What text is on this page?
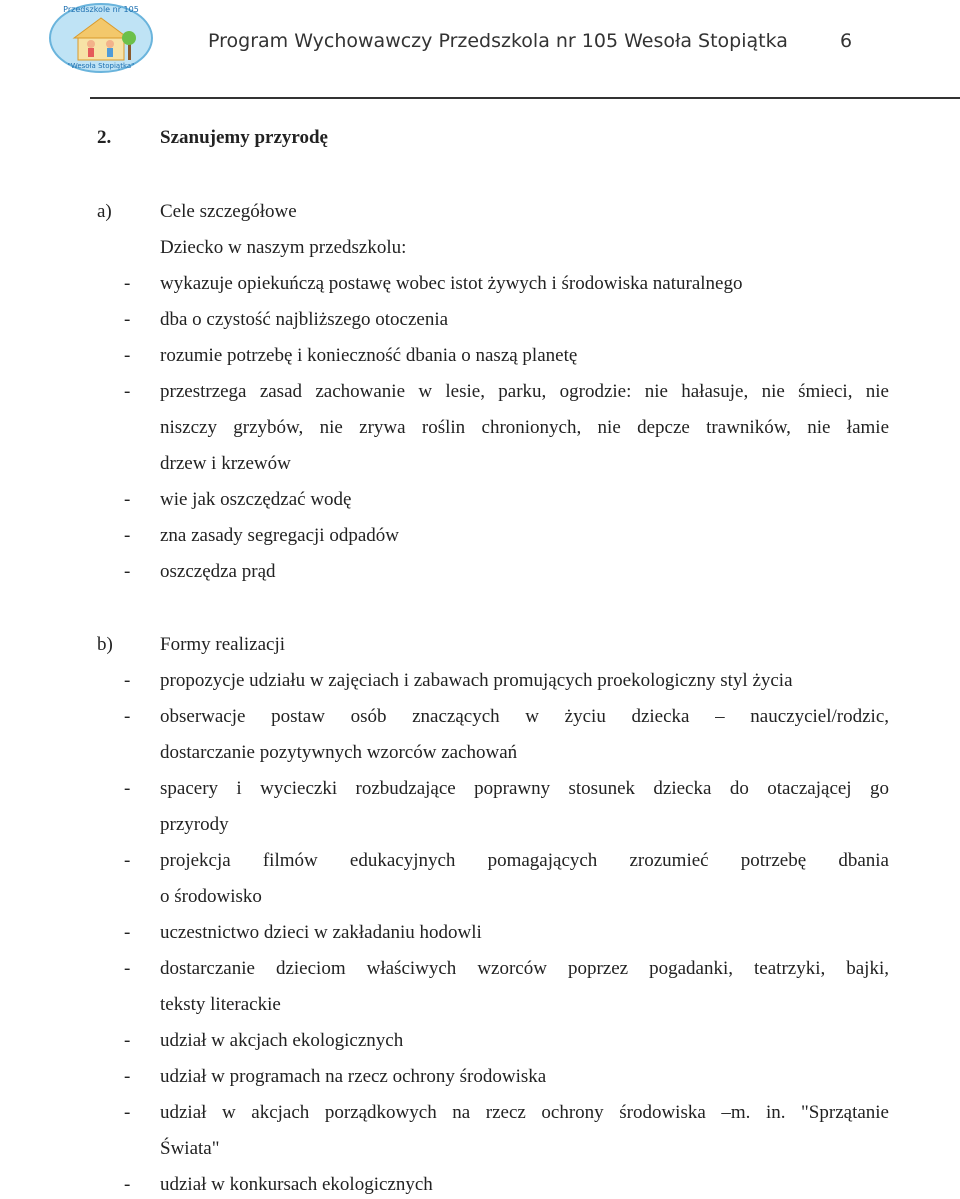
Przedszkole nr 105
"Wesoła Stopiątka"
Program Wychowawczy Przedszkola nr 105 Wesoła Stopiątka	6
2.	Szanujemy przyrodę
a)	Cele szczegółowe
Dziecko w naszym przedszkolu:
- wykazuje opiekuńczą postawę wobec istot żywych i środowiska naturalnego
- dba o czystość najbliższego otoczenia
- rozumie potrzebę i konieczność dbania o naszą planetę
- przestrzega zasad zachowanie w lesie, parku, ogrodzie: nie hałasuje, nie śmieci, nie
niszczy grzybów, nie zrywa roślin chronionych, nie depcze trawników, nie łamie
drzew i krzewów
- wie jak oszczędzać wodę
- zna zasady segregacji odpadów
- oszczędza prąd
b) Formy realizacji
- propozycje udziału w zajęciach i zabawach promujących proekologiczny styl życia
- obserwacje postaw osób znaczących w życiu dziecka – nauczyciel/rodzic,
dostarczanie pozytywnych wzorców zachowań
- spacery i wycieczki rozbudzające poprawny stosunek dziecka do otaczającej go
przyrody
- projekcja filmów edukacyjnych pomagających zrozumieć potrzebę dbania
o środowisko
- uczestnictwo dzieci w zakładaniu hodowli
- dostarczanie dzieciom właściwych wzorców poprzez pogadanki, teatrzyki, bajki,
teksty literackie
- udział w akcjach ekologicznych
- udział w programach na rzecz ochrony środowiska
- udział w akcjach porządkowych na rzecz ochrony środowiska –m. in. "Sprzątanie
Świata"
- udział w konkursach ekologicznych
